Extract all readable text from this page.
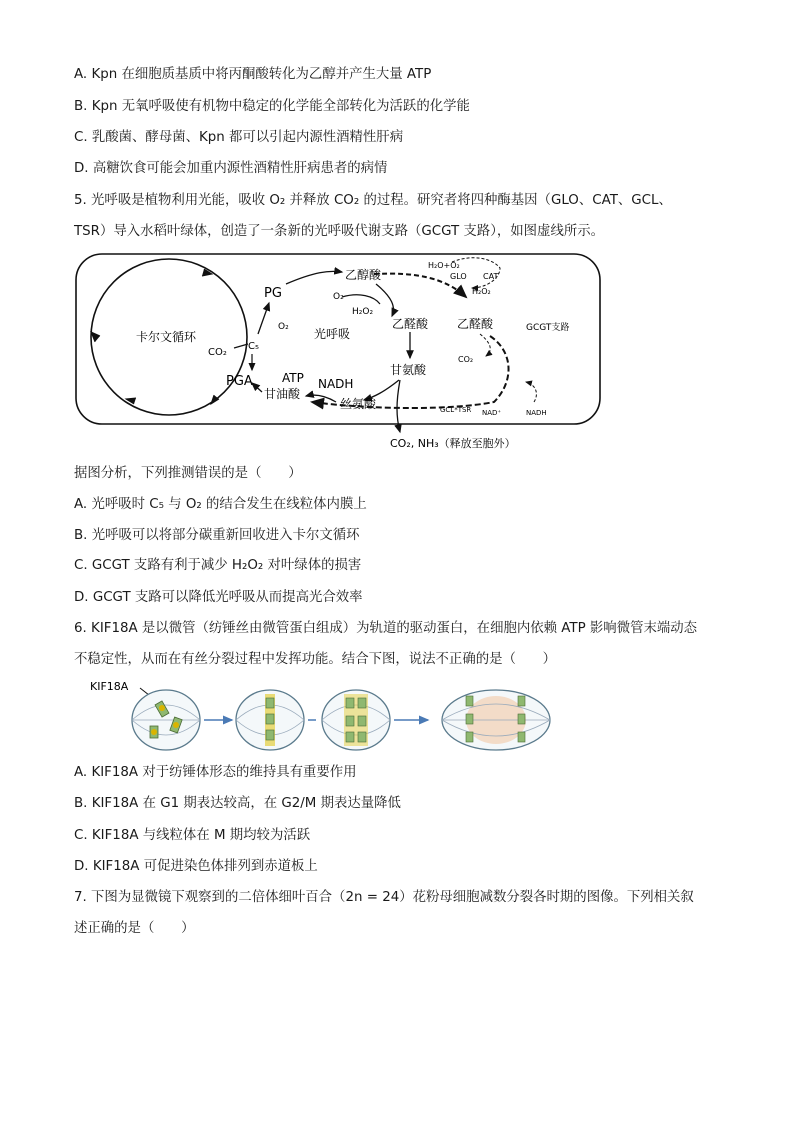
A. Kpn 在细胞质基质中将丙酮酸转化为乙醇并产生大量 ATP
B. Kpn 无氧呼吸使有机物中稳定的化学能全部转化为活跃的化学能
C. 乳酸菌、酵母菌、Kpn 都可以引起内源性酒精性肝病
D. 高糖饮食可能会加重内源性酒精性肝病患者的病情
5. 光呼吸是植物利用光能，吸收 O₂ 并释放 CO₂ 的过程。研究者将四种酶基因（GLO、CAT、GCL、
TSR）导入水稻叶绿体，创造了一条新的光呼吸代谢支路（GCGT 支路），如图虚线所示。
卡尔文循环
PG
C₅
O₂
CO₂
PGA
光呼吸
乙醇酸
O₂
H₂O₂
乙醛酸
甘氨酸
丝氨酸
NADH
ATP
甘油酸
CO₂, NH₃（释放至胞外）
H₂O+O₂
GLO CAT
H₂O₂
乙醛酸	GCGT支路
CO₂
GCL*TSR NAD⁺	NADH
据图分析，下列推测错误的是（　　）
A. 光呼吸时 C₅ 与 O₂ 的结合发生在线粒体内膜上
B. 光呼吸可以将部分碳重新回收进入卡尔文循环
C. GCGT 支路有利于减少 H₂O₂ 对叶绿体的损害
D. GCGT 支路可以降低光呼吸从而提高光合效率
6. KIF18A 是以微管（纺锤丝由微管蛋白组成）为轨道的驱动蛋白，在细胞内依赖 ATP 影响微管末端动态
不稳定性，从而在有丝分裂过程中发挥功能。结合下图，说法不正确的是（　　）
KIF18A
A. KIF18A 对于纺锤体形态的维持具有重要作用
B. KIF18A 在 G1 期表达较高，在 G2/M 期表达量降低
C. KIF18A 与线粒体在 M 期均较为活跃
D. KIF18A 可促进染色体排列到赤道板上
7. 下图为显微镜下观察到的二倍体细叶百合（2n = 24）花粉母细胞减数分裂各时期的图像。下列相关叙
述正确的是（　　）
